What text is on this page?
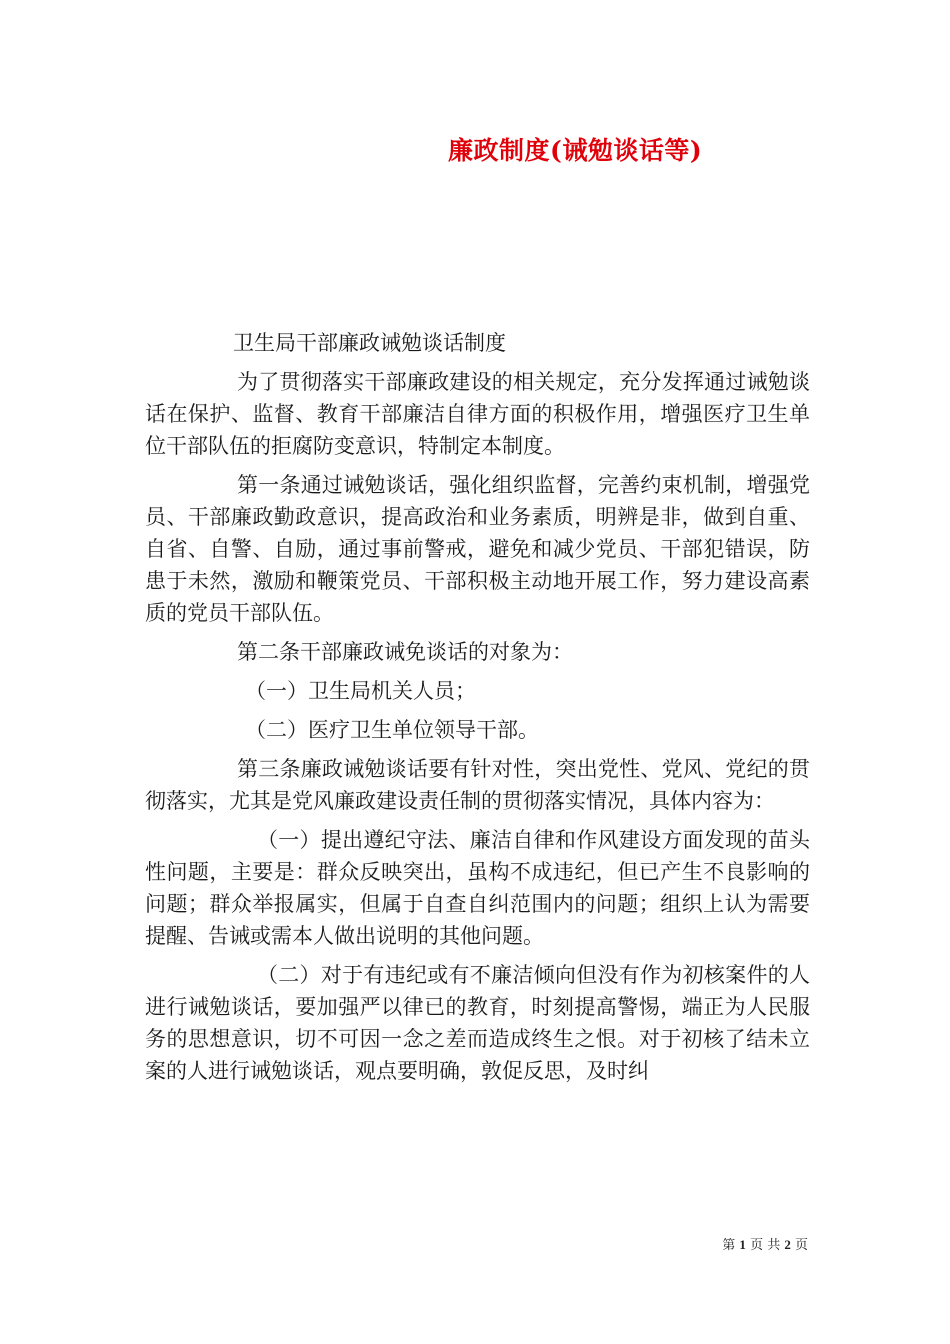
廉政制度(诫勉谈话等)

卫生局干部廉政诫勉谈话制度

为了贯彻落实干部廉政建设的相关规定，充分发挥通过诫勉谈话在保护、监督、教育干部廉洁自律方面的积极作用，增强医疗卫生单位干部队伍的拒腐防变意识，特制定本制度。

第一条通过诫勉谈话，强化组织监督，完善约束机制，增强党员、干部廉政勤政意识，提高政治和业务素质，明辨是非，做到自重、自省、自警、自励，通过事前警戒，避免和减少党员、干部犯错误，防患于未然，激励和鞭策党员、干部积极主动地开展工作，努力建设高素质的党员干部队伍。

第二条干部廉政诫免谈话的对象为：

（一）卫生局机关人员；

（二）医疗卫生单位领导干部。

第三条廉政诫勉谈话要有针对性，突出党性、党风、党纪的贯彻落实，尤其是党风廉政建设责任制的贯彻落实情况，具体内容为：

（一）提出遵纪守法、廉洁自律和作风建设方面发现的苗头性问题，主要是：群众反映突出，虽构不成违纪，但已产生不良影响的问题；群众举报属实，但属于自查自纠范围内的问题；组织上认为需要提醒、告诫或需本人做出说明的其他问题。

（二）对于有违纪或有不廉洁倾向但没有作为初核案件的人进行诫勉谈话，要加强严以律已的教育，时刻提高警惕，端正为人民服务的思想意识，切不可因一念之差而造成终生之恨。对于初核了结未立案的人进行诫勉谈话，观点要明确，敦促反思，及时纠

第 1 页 共 2 页
